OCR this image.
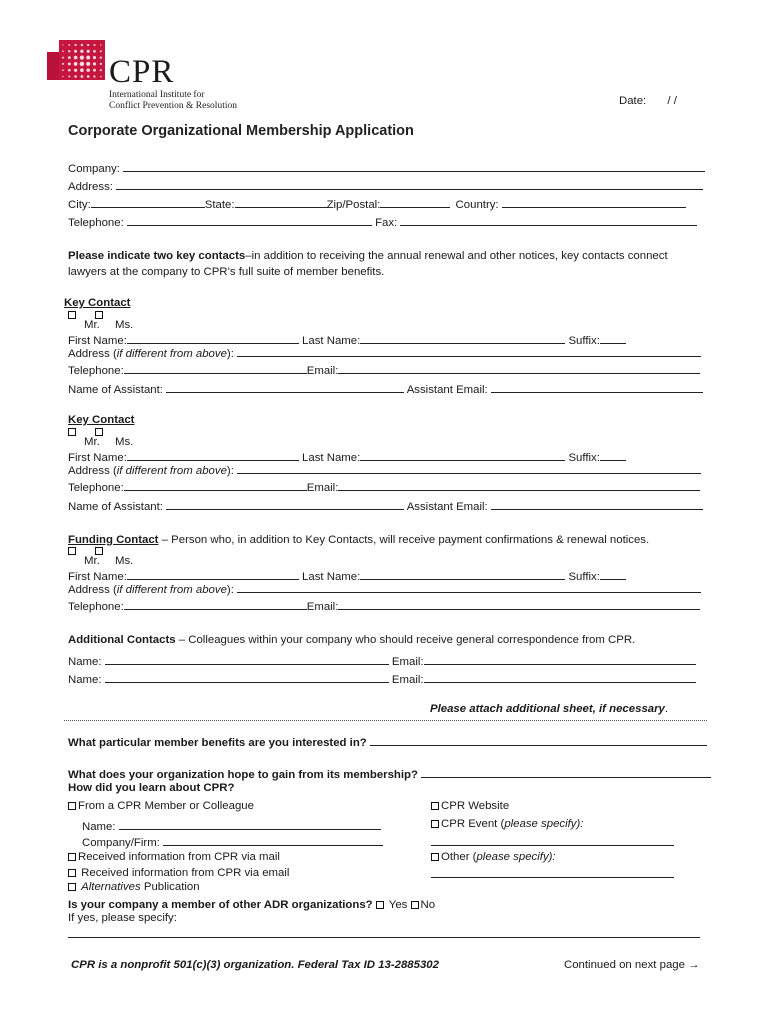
CPR
International Institute for
Conflict Prevention & Resolution	Date: / /
Corporate Organizational Membership Application
Company:
Address:
City:	State:	Zip/Postal:	Country:
Telephone:	Fax:
Please indicate two key contacts–in addition to receiving the annual renewal and other notices, key contacts connect
lawyers at the company to CPR’s full suite of member benefits.
Key Contact
Mr. Ms.
First Name:	Last Name:	Suffix:
Address (if different from above):
Telephone:	Email:
Name of Assistant:	Assistant Email:
Key Contact
Mr. Ms.
First Name:	Last Name:	Suffix:
Address (if different from above):
Telephone:	Email:
Name of Assistant:	Assistant Email:
Funding Contact – Person who, in addition to Key Contacts, will receive payment confirmations & renewal notices.
Mr. Ms.
First Name:	Last Name:	Suffix:
Address (if different from above):
Telephone:	Email:
Additional Contacts – Colleagues within your company who should receive general correspondence from CPR.
Name:	Email:
Name:	Email:
Please attach additional sheet, if necessary.
What particular member benefits are you interested in?
What does your organization hope to gain from its membership?
How did you learn about CPR?
From a CPR Member or Colleague
Name:
Company/Firm:
Received information from CPR via mail
Received information from CPR via email
Alternatives Publication
CPR Website
CPR Event (please specify):
Other (please specify):
Is your company a member of other ADR organizations?  Yes No
If yes, please specify:
CPR is a nonprofit 501(c)(3) organization. Federal Tax ID 13-2885302	Continued on next page →
